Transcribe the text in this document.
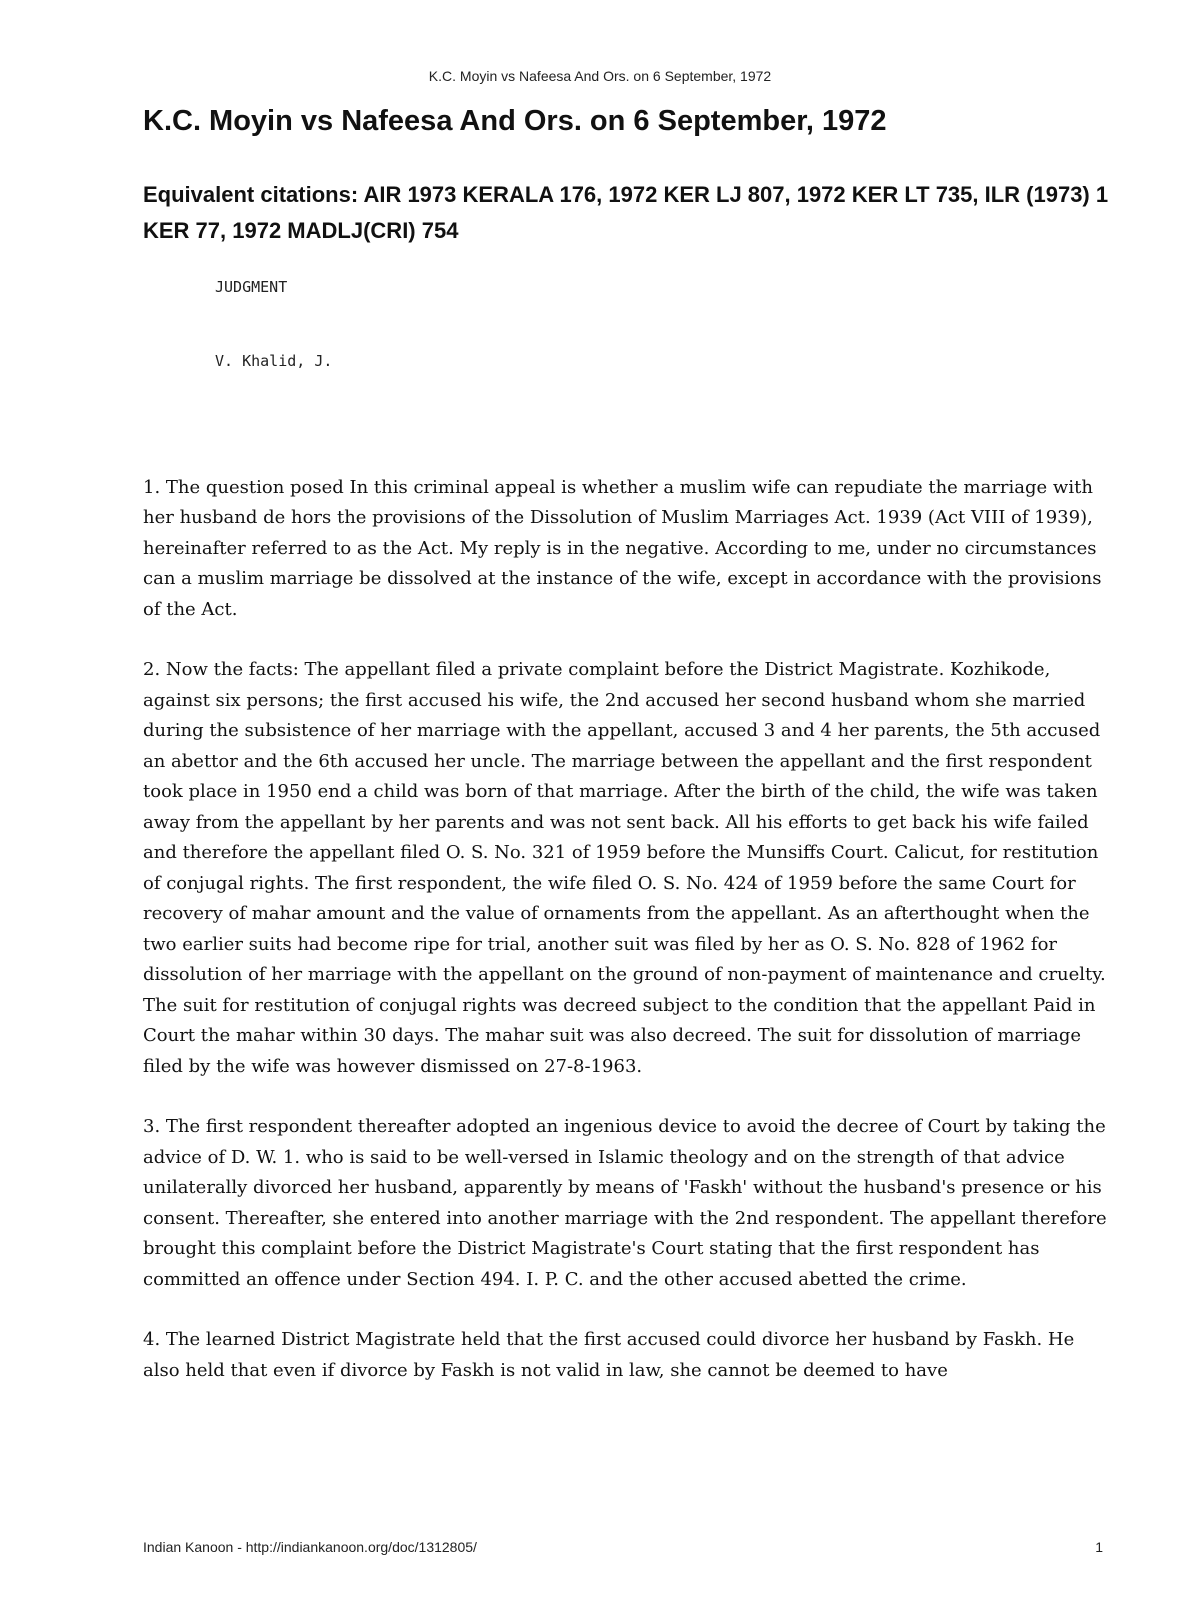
K.C. Moyin vs Nafeesa And Ors. on 6 September, 1972
K.C. Moyin vs Nafeesa And Ors. on 6 September, 1972
Equivalent citations: AIR 1973 KERALA 176, 1972 KER LJ 807, 1972 KER LT 735, ILR (1973) 1 KER 77, 1972 MADLJ(CRI) 754
JUDGMENT
V. Khalid, J.

1. The question posed In this criminal appeal is whether a muslim wife can repudiate the marriage with her husband de hors the provisions of the Dissolution of Muslim Marriages Act. 1939 (Act VIII of 1939), hereinafter referred to as the Act. My reply is in the negative. According to me, under no circumstances can a muslim marriage be dissolved at the instance of the wife, except in accordance with the provisions of the Act.

2. Now the facts: The appellant filed a private complaint before the District Magistrate. Kozhikode, against six persons; the first accused his wife, the 2nd accused her second husband whom she married during the subsistence of her marriage with the appellant, accused 3 and 4 her parents, the 5th accused an abettor and the 6th accused her uncle. The marriage between the appellant and the first respondent took place in 1950 end a child was born of that marriage. After the birth of the child, the wife was taken away from the appellant by her parents and was not sent back. All his efforts to get back his wife failed and therefore the appellant filed O. S. No. 321 of 1959 before the Munsiffs Court. Calicut, for restitution of conjugal rights. The first respondent, the wife filed O. S. No. 424 of 1959 before the same Court for recovery of mahar amount and the value of ornaments from the appellant. As an afterthought when the two earlier suits had become ripe for trial, another suit was filed by her as O. S. No. 828 of 1962 for dissolution of her marriage with the appellant on the ground of non-payment of maintenance and cruelty. The suit for restitution of conjugal rights was decreed subject to the condition that the appellant Paid in Court the mahar within 30 days. The mahar suit was also decreed. The suit for dissolution of marriage filed by the wife was however dismissed on 27-8-1963.

3. The first respondent thereafter adopted an ingenious device to avoid the decree of Court by taking the advice of D. W. 1. who is said to be well-versed in Islamic theology and on the strength of that advice unilaterally divorced her husband, apparently by means of 'Faskh' without the husband's presence or his consent. Thereafter, she entered into another marriage with the 2nd respondent. The appellant therefore brought this complaint before the District Magistrate's Court stating that the first respondent has committed an offence under Section 494. I. P. C. and the other accused abetted the crime.

4. The learned District Magistrate held that the first accused could divorce her husband by Faskh. He also held that even if divorce by Faskh is not valid in law, she cannot be deemed to have

Indian Kanoon - http://indiankanoon.org/doc/1312805/	1
